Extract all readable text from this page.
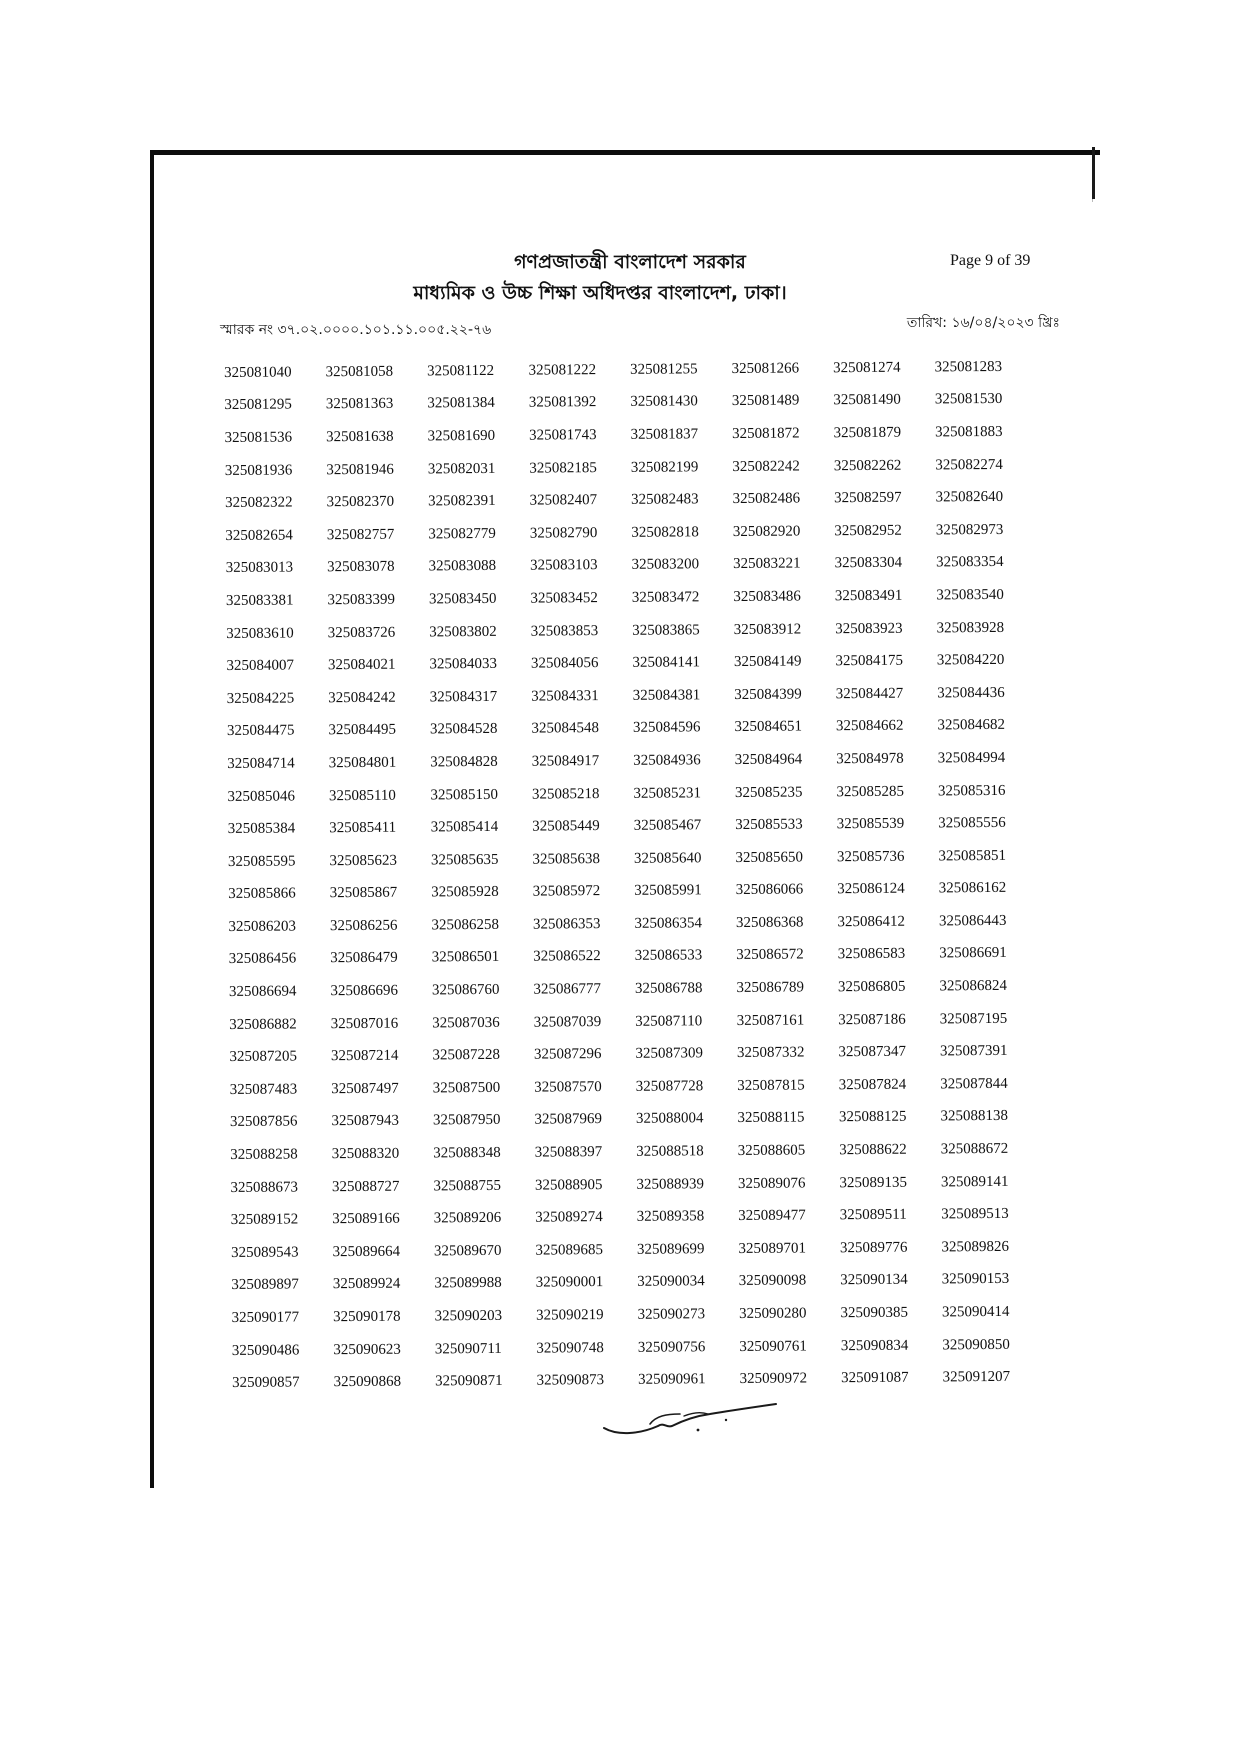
গণপ্রজাতন্ত্রী বাংলাদেশ সরকার
মাধ্যমিক ও উচ্চ শিক্ষা অধিদপ্তর বাংলাদেশ, ঢাকা।
Page 9 of 39
স্মারক নং ৩৭.০২.০০০০.১০১.১১.০০৫.২২-৭৬	তারিখ: ১৬/০৪/২০২৩ খ্রিঃ
325081040	325081058	325081122	325081222	325081255	325081266	325081274	325081283
325081295	325081363	325081384	325081392	325081430	325081489	325081490	325081530
325081536	325081638	325081690	325081743	325081837	325081872	325081879	325081883
325081936	325081946	325082031	325082185	325082199	325082242	325082262	325082274
325082322	325082370	325082391	325082407	325082483	325082486	325082597	325082640
325082654	325082757	325082779	325082790	325082818	325082920	325082952	325082973
325083013	325083078	325083088	325083103	325083200	325083221	325083304	325083354
325083381	325083399	325083450	325083452	325083472	325083486	325083491	325083540
325083610	325083726	325083802	325083853	325083865	325083912	325083923	325083928
325084007	325084021	325084033	325084056	325084141	325084149	325084175	325084220
325084225	325084242	325084317	325084331	325084381	325084399	325084427	325084436
325084475	325084495	325084528	325084548	325084596	325084651	325084662	325084682
325084714	325084801	325084828	325084917	325084936	325084964	325084978	325084994
325085046	325085110	325085150	325085218	325085231	325085235	325085285	325085316
325085384	325085411	325085414	325085449	325085467	325085533	325085539	325085556
325085595	325085623	325085635	325085638	325085640	325085650	325085736	325085851
325085866	325085867	325085928	325085972	325085991	325086066	325086124	325086162
325086203	325086256	325086258	325086353	325086354	325086368	325086412	325086443
325086456	325086479	325086501	325086522	325086533	325086572	325086583	325086691
325086694	325086696	325086760	325086777	325086788	325086789	325086805	325086824
325086882	325087016	325087036	325087039	325087110	325087161	325087186	325087195
325087205	325087214	325087228	325087296	325087309	325087332	325087347	325087391
325087483	325087497	325087500	325087570	325087728	325087815	325087824	325087844
325087856	325087943	325087950	325087969	325088004	325088115	325088125	325088138
325088258	325088320	325088348	325088397	325088518	325088605	325088622	325088672
325088673	325088727	325088755	325088905	325088939	325089076	325089135	325089141
325089152	325089166	325089206	325089274	325089358	325089477	325089511	325089513
325089543	325089664	325089670	325089685	325089699	325089701	325089776	325089826
325089897	325089924	325089988	325090001	325090034	325090098	325090134	325090153
325090177	325090178	325090203	325090219	325090273	325090280	325090385	325090414
325090486	325090623	325090711	325090748	325090756	325090761	325090834	325090850
325090857	325090868	325090871	325090873	325090961	325090972	325091087	325091207
